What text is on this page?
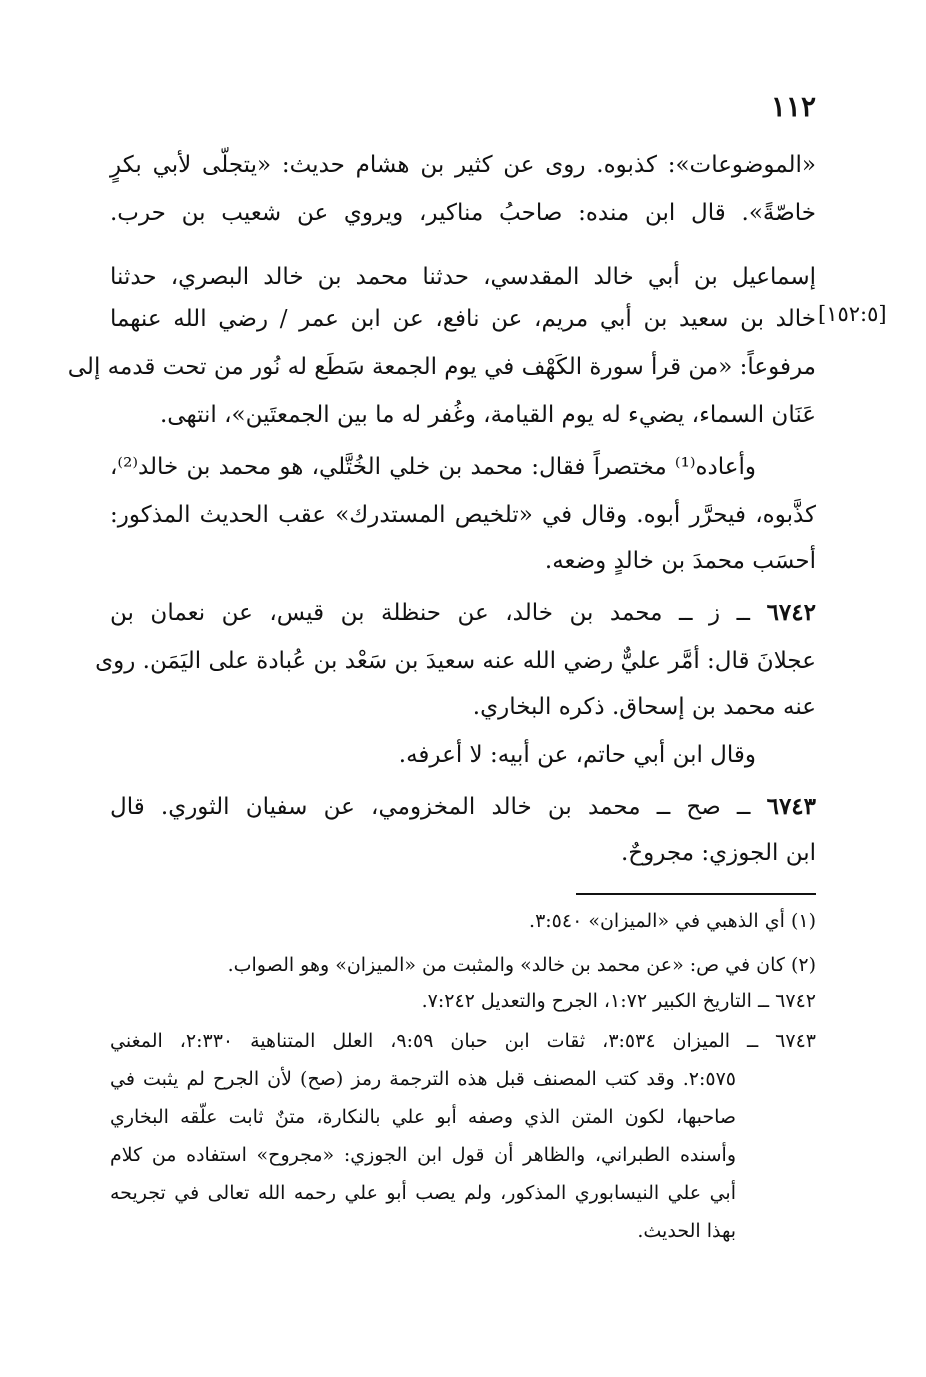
١١٢
[١٥٢:٥]
«الموضوعات»: كذبوه. روى عن كثير بن هشام حديث: «يتجلّى لأبي بكرٍ
خاصّةً». قال ابن منده: صاحبُ مناكير، ويروي عن شعيب بن حرب.
إسماعيل بن أبي خالد المقدسي، حدثنا محمد بن خالد البصري، حدثنا
خالد بن سعيد بن أبي مريم، عن نافع، عن ابن عمر / رضي الله عنهما
مرفوعاً: «من قرأ سورة الكَهْف في يوم الجمعة سَطَع له نُور من تحت قدمه إلى
عَنَان السماء، يضيء له يوم القيامة، وغُفر له ما بين الجمعتَين»، انتهى.
وأعاده⁽¹⁾ مختصراً فقال: محمد بن خلي الخُتَّلي، هو محمد بن خالد⁽²⁾،
كذَّبوه، فيحرَّر أبوه. وقال في «تلخيص المستدرك» عقب الحديث المذكور:
أحسَب محمدَ بن خالدٍ وضعه.
٦٧٤٢ ــ ز ــ محمد بن خالد، عن حنظلة بن قيس، عن نعمان بن
عجلانَ قال: أمَّر عليٌّ رضي الله عنه سعيدَ بن سَعْد بن عُبادة على اليَمَن. روى
عنه محمد بن إسحاق. ذكره البخاري.
وقال ابن أبي حاتم، عن أبيه: لا أعرفه.
٦٧٤٣ ــ صح ــ محمد بن خالد المخزومي، عن سفيان الثوري. قال
ابن الجوزي: مجروحٌ.
(١) أي الذهبي في «الميزان» ٣:٥٤٠.
(٢) كان في ص: «عن محمد بن خالد» والمثبت من «الميزان» وهو الصواب.
٦٧٤٢ ــ التاريخ الكبير ١:٧٢، الجرح والتعديل ٧:٢٤٢.
٦٧٤٣ ــ الميزان ٣:٥٣٤، ثقات ابن حبان ٩:٥٩، العلل المتناهية ٢:٣٣٠، المغني
٢:٥٧٥. وقد كتب المصنف قبل هذه الترجمة رمز (صح) لأن الجرح لم يثبت في
صاحبها، لكون المتن الذي وصفه أبو علي بالنكارة، متنٌ ثابت علّقه البخاري
وأسنده الطبراني، والظاهر أن قول ابن الجوزي: «مجروح» استفاده من كلام
أبي علي النيسابوري المذكور، ولم يصب أبو علي رحمه الله تعالى في تجريحه
بهذا الحديث.
